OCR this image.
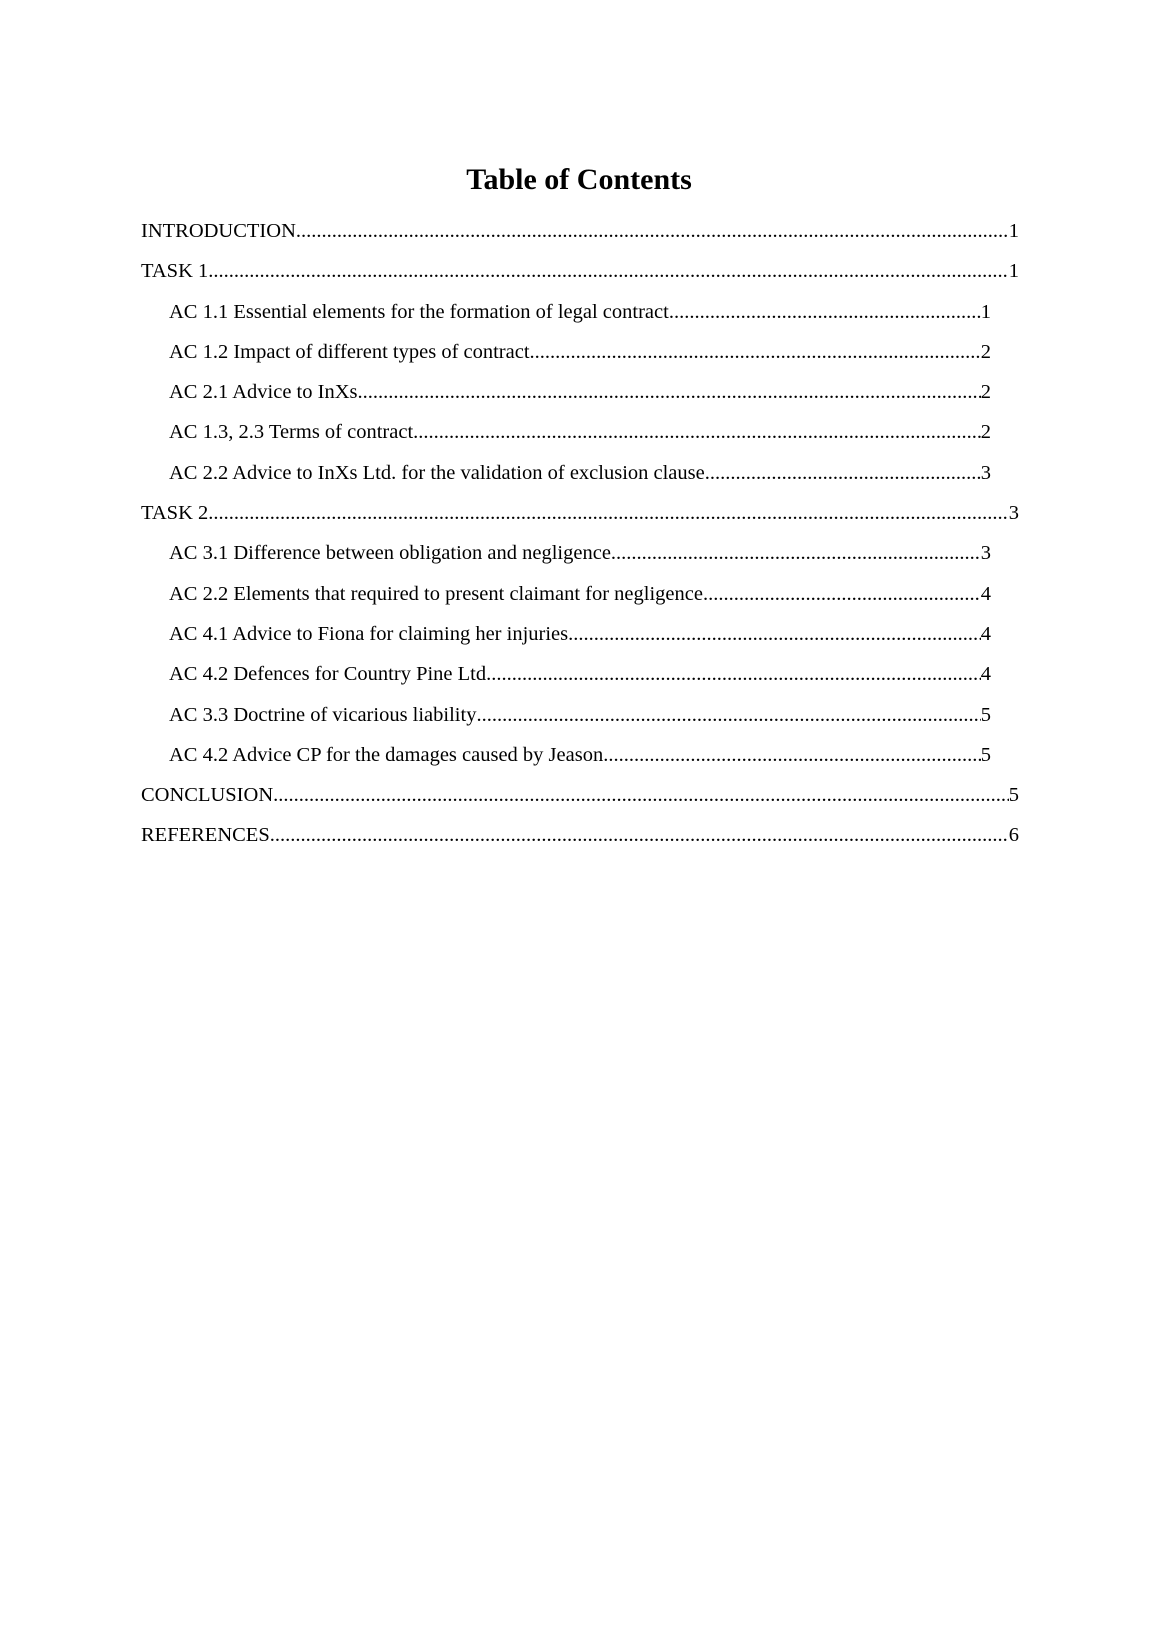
Table of Contents
INTRODUCTION .....	1
TASK 1 .....	1
AC 1.1 Essential elements for the formation of legal contract .....	1
AC 1.2 Impact of different types of contract .....	2
AC 2.1 Advice to InXs .....	2
AC 1.3, 2.3 Terms of contract .....	2
AC 2.2 Advice to InXs Ltd. for the validation of exclusion clause .....	3
TASK 2 .....	3
AC 3.1 Difference between obligation and negligence .....	3
AC 2.2 Elements that required to present claimant for negligence .....	4
AC 4.1 Advice to Fiona for claiming her injuries .....	4
AC 4.2 Defences for Country Pine Ltd. .....	4
AC 3.3 Doctrine of vicarious liability .....	5
AC 4.2 Advice CP for the damages caused by Jeason .....	5
CONCLUSION .....	5
REFERENCES .....	6
